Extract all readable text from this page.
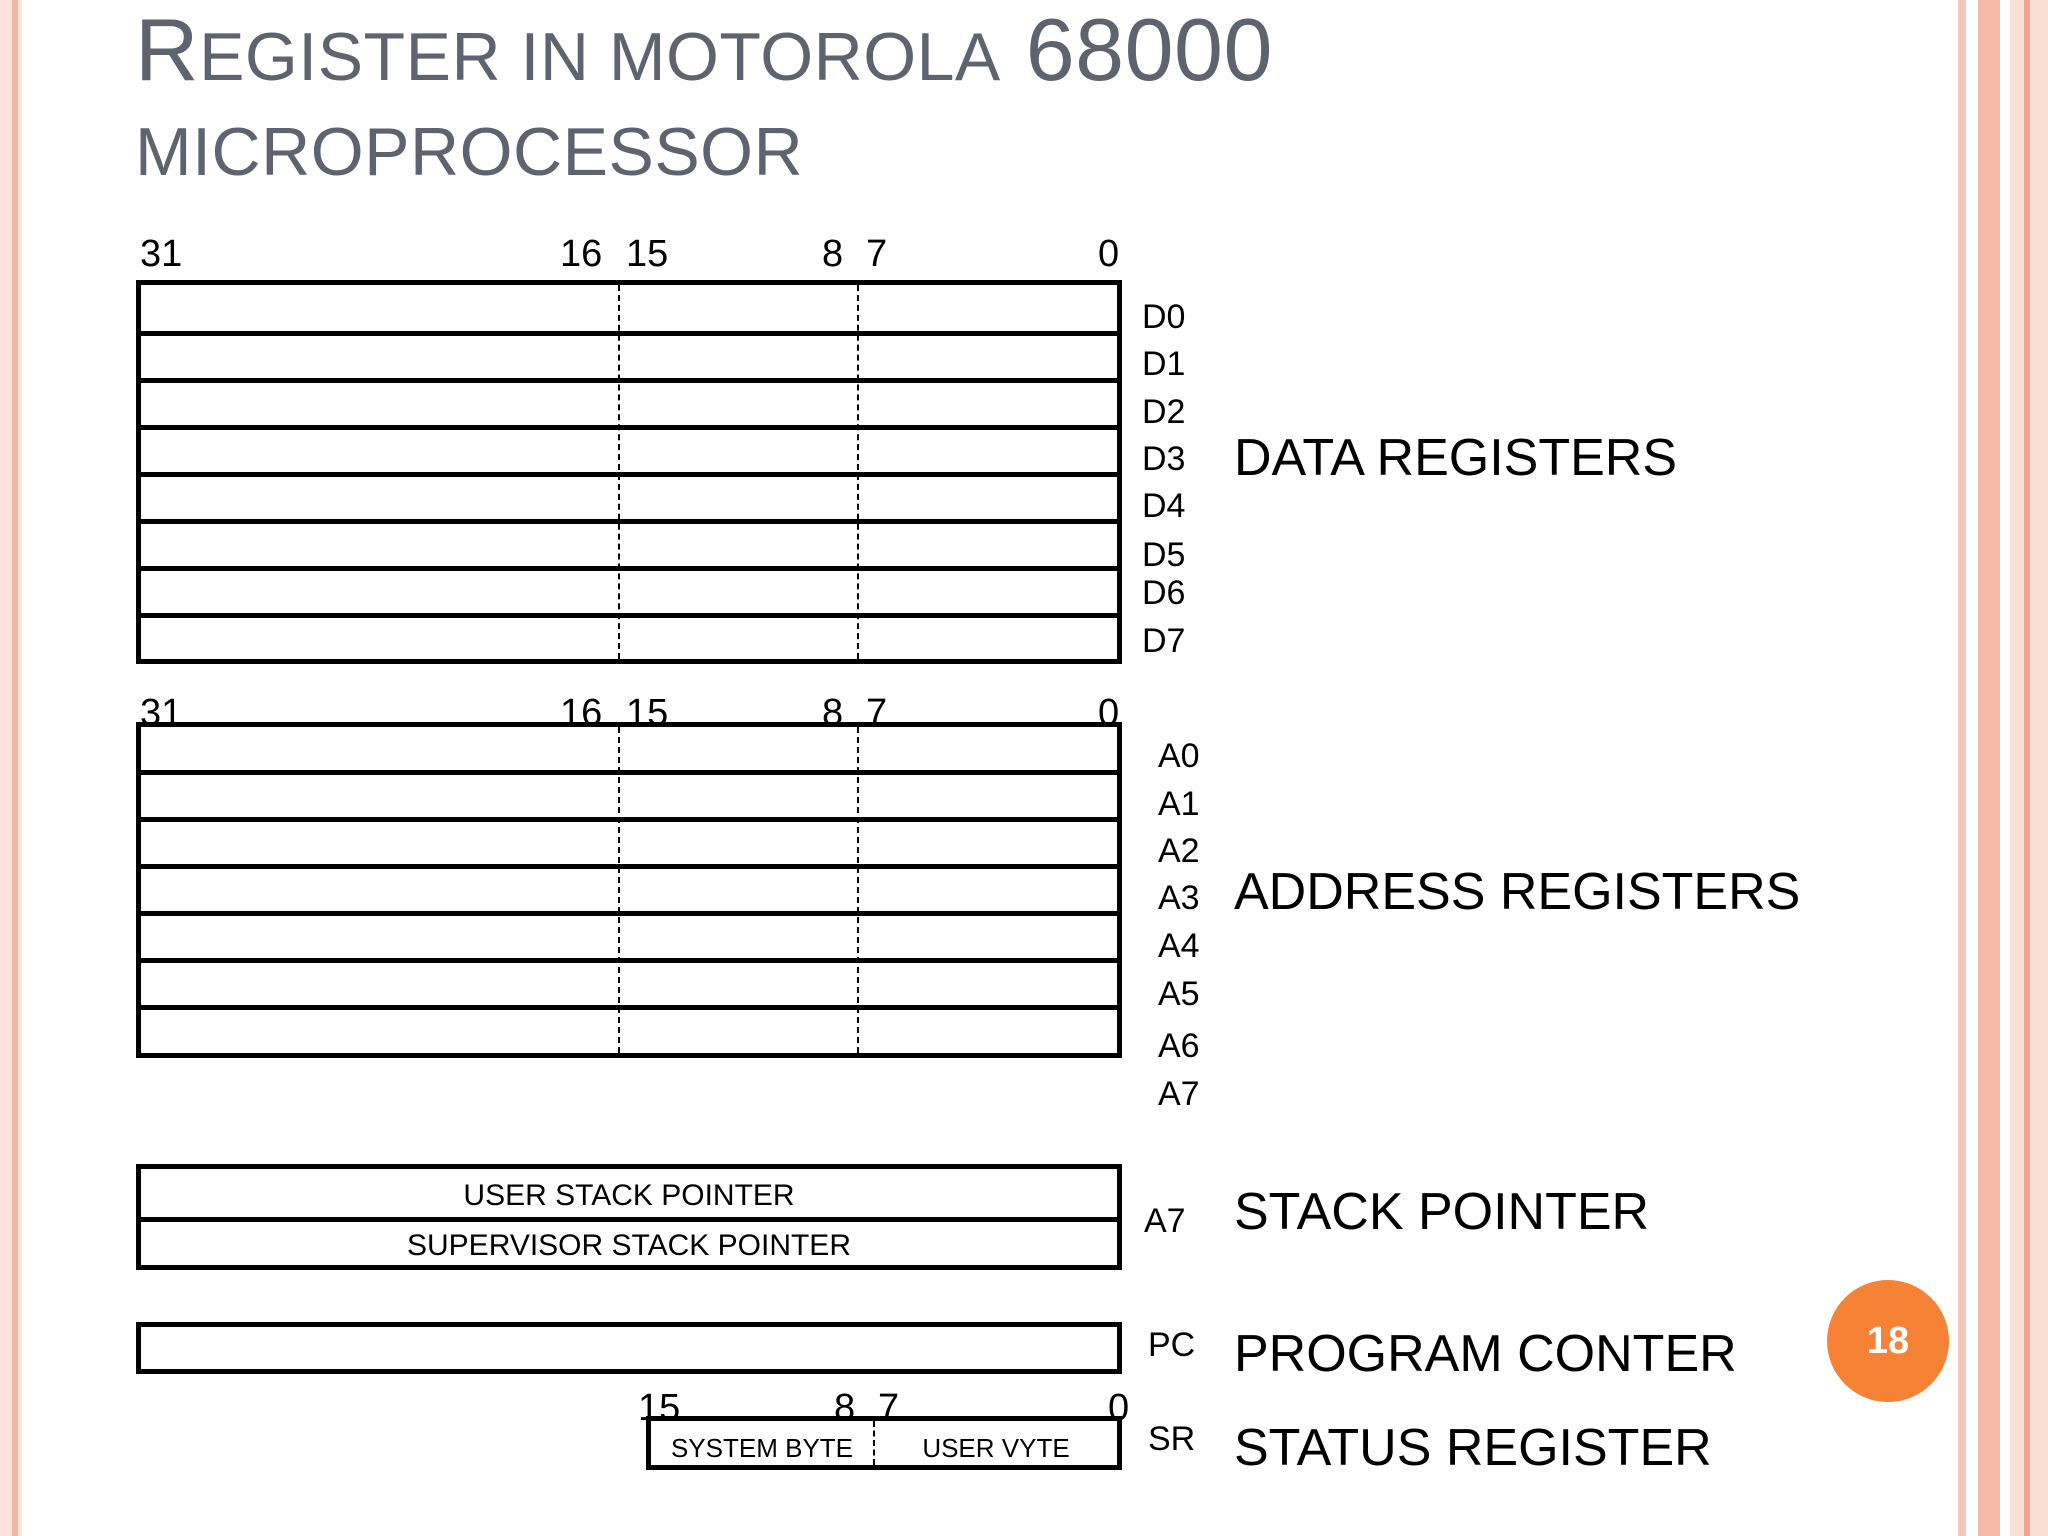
REGISTER IN MOTOROLA 68000
MICROPROCESSOR
31	16 15	8 7	0
D0
D1
D2
D3
D4
D5
D6
D7
DATA REGISTERS
31	16 15	8 7	0
A0
A1
A2
A3
A4
A5
A6
A7
ADDRESS REGISTERS
USER STACK POINTER
SUPERVISOR STACK POINTER
A7 STACK POINTER
PC PROGRAM CONTER
15	8 7	0
SYSTEM BYTE	USER VYTE	SR STATUS REGISTER
18
